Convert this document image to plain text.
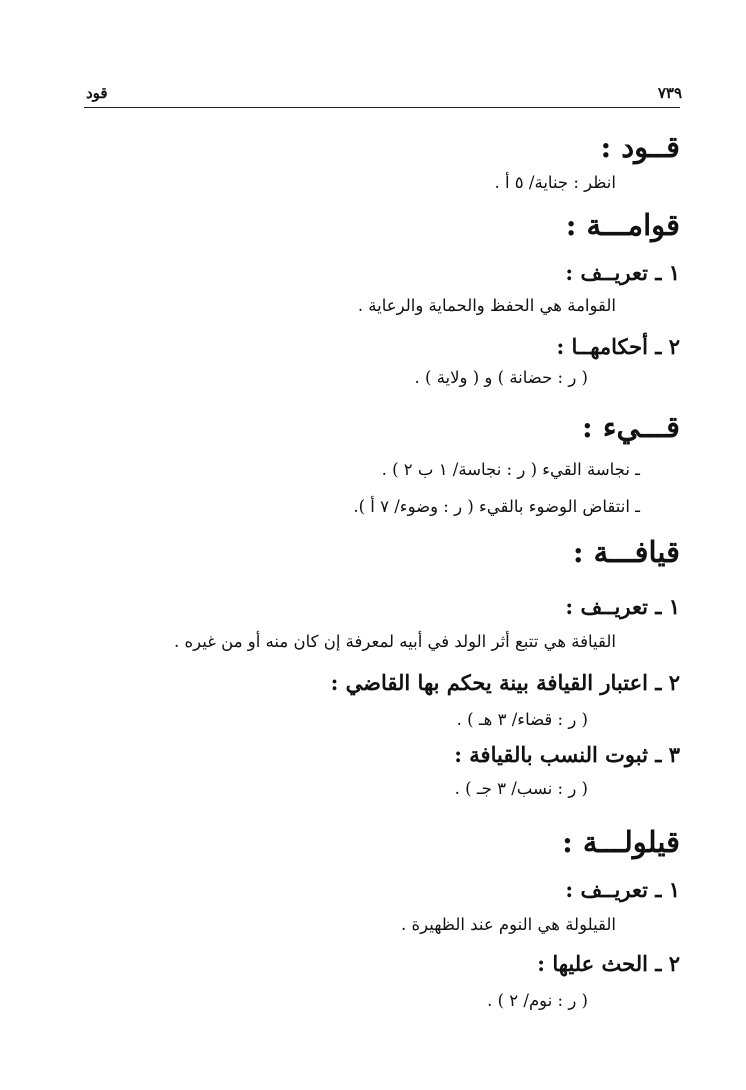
٧٣٩
قود
قــود :
انظر : جناية/ ٥ أ .
قوامـــة :
١ ـ تعريــف :
القوامة هي الحفظ والحماية والرعاية .
٢ ـ أحكامهــا :
( ر : حضانة ) و ( ولاية ) .
قـــيء :
ـ نجاسة القيء ( ر : نجاسة/ ١ ب ٢ ) .
ـ انتقاض الوضوء بالقيء ( ر : وضوء/ ٧ أ ).
قيافـــة :
١ ـ تعريــف :
القيافة هي تتبع أثر الولد في أبيه لمعرفة إن كان منه أو من غيره .
٢ ـ اعتبار القيافة بينة يحكم بها القاضي :
( ر : قضاء/ ٣ هـ ) .
٣ ـ ثبوت النسب بالقيافة :
( ر : نسب/ ٣ جـ ) .
قيلولـــة :
١ ـ تعريــف :
القيلولة هي النوم عند الظهيرة .
٢ ـ الحث عليها :
( ر : نوم/ ٢ ) .
